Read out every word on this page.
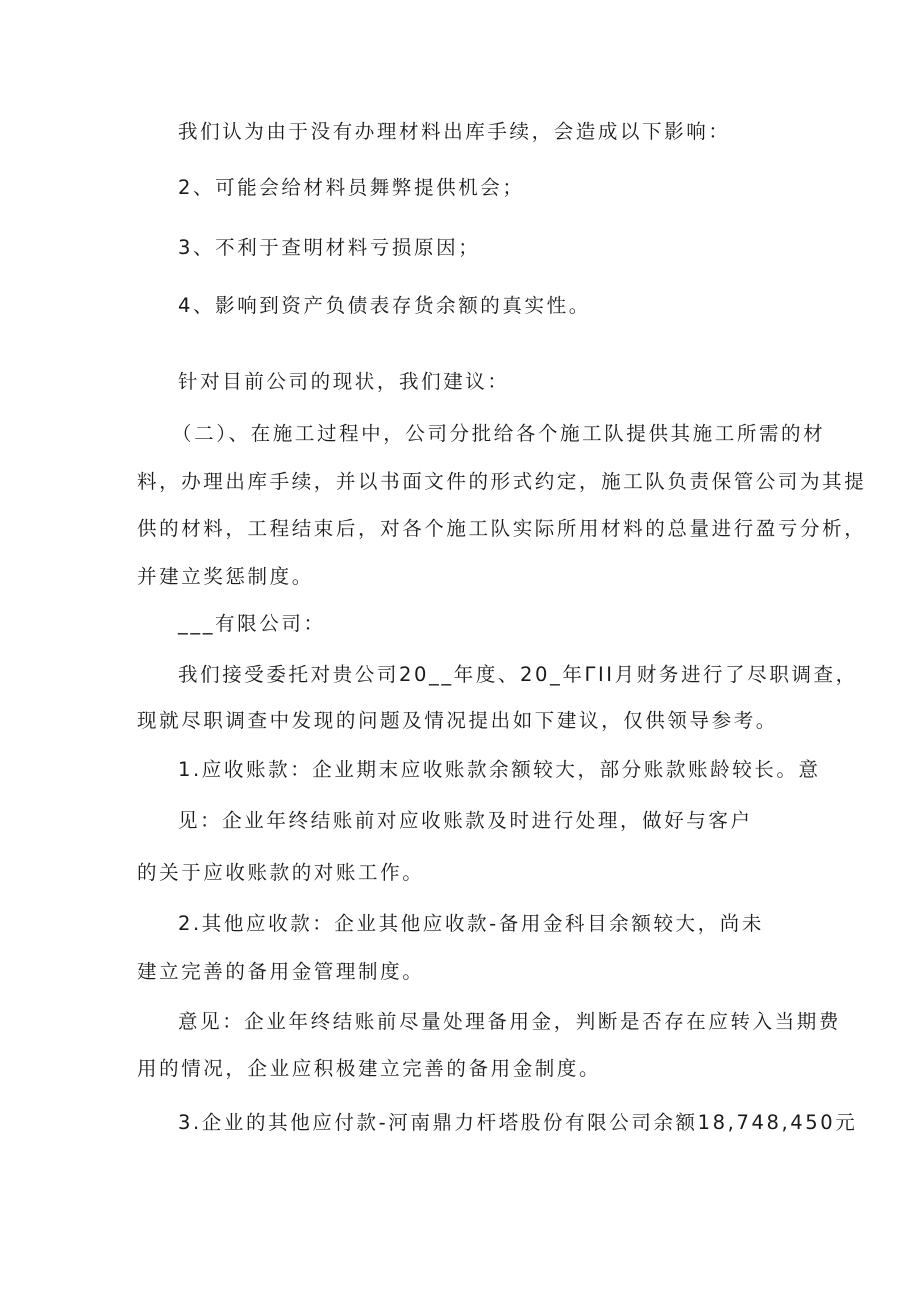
我们认为由于没有办理材料出库手续，会造成以下影响：
2、可能会给材料员舞弊提供机会；
3、不利于查明材料亏损原因；
4、影响到资产负债表存货余额的真实性。
针对目前公司的现状，我们建议：
（二）、在施工过程中，公司分批给各个施工队提供其施工所需的材
料，办理出库手续，并以书面文件的形式约定，施工队负责保管公司为其提
供的材料，工程结束后，对各个施工队实际所用材料的总量进行盈亏分析，
并建立奖惩制度。
___有限公司：
我们接受委托对贵公司20__年度、20_年ΓII月财务进行了尽职调查，
现就尽职调查中发现的问题及情况提出如下建议，仅供领导参考。
1.应收账款：企业期末应收账款余额较大，部分账款账龄较长。意
见：企业年终结账前对应收账款及时进行处理，做好与客户
的关于应收账款的对账工作。
2.其他应收款：企业其他应收款-备用金科目余额较大，尚未
建立完善的备用金管理制度。
意见：企业年终结账前尽量处理备用金，判断是否存在应转入当期费
用的情况，企业应积极建立完善的备用金制度。
3.企业的其他应付款-河南鼎力杆塔股份有限公司余额18,748,450元
